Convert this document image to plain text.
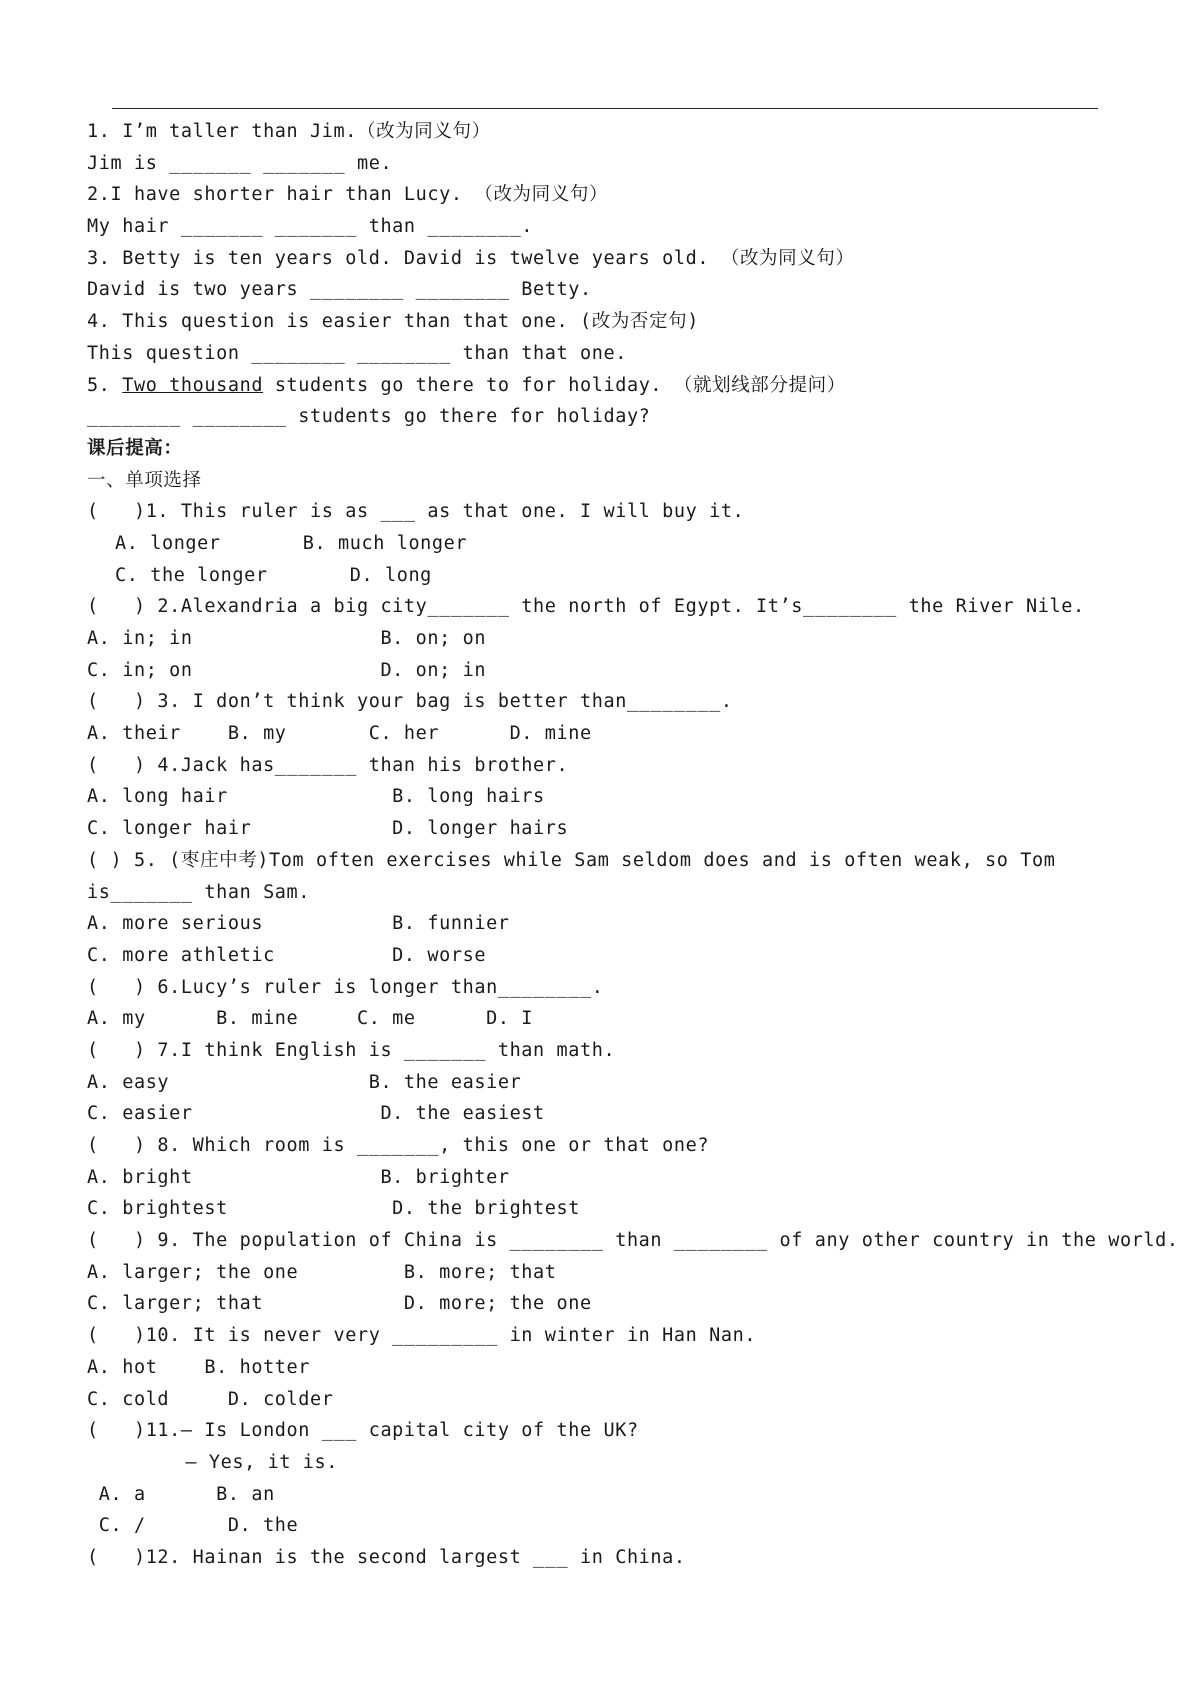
1. I’m taller than Jim.（改为同义句）
Jim is _______ _______ me.
2.I have shorter hair than Lucy. （改为同义句）
My hair _______ _______ than ________.
3. Betty is ten years old. David is twelve years old. （改为同义句）
David is two years ________ ________ Betty.
4. This question is easier than that one. (改为否定句)
This question ________ ________ than that one.
5. Two thousand students go there to for holiday. （就划线部分提问）
________ ________ students go there for holiday?
课后提高：
一、单项选择
(   )1. This ruler is as ___ as that one. I will buy it.
A. longer       B. much longer
C. the longer       D. long
(   ) 2.Alexandria a big city_______ the north of Egypt. It’s________ the River Nile.
A. in; in                B. on; on
C. in; on                D. on; in
(   ) 3. I don’t think your bag is better than________.
A. their    B. my       C. her      D. mine
(   ) 4.Jack has_______ than his brother.
A. long hair              B. long hairs
C. longer hair            D. longer hairs
( ) 5. (枣庄中考)Tom often exercises while Sam seldom does and is often weak, so Tom is_______ than Sam.
A. more serious           B. funnier
C. more athletic          D. worse
(   ) 6.Lucy’s ruler is longer than________.
A. my      B. mine     C. me      D. I
(   ) 7.I think English is _______ than math.
A. easy                 B. the easier
C. easier                D. the easiest
(   ) 8. Which room is _______, this one or that one?
A. bright                B. brighter
C. brightest              D. the brightest
(   ) 9. The population of China is ________ than ________ of any other country in the world.
A. larger; the one         B. more; that
C. larger; that            D. more; the one
(   )10. It is never very _________ in winter in Han Nan.
A. hot    B. hotter
C. cold     D. colder
(   )11.— Is London ___ capital city of the UK?
— Yes, it is.
A. a      B. an
C. /       D. the
(   )12. Hainan is the second largest ___ in China.
